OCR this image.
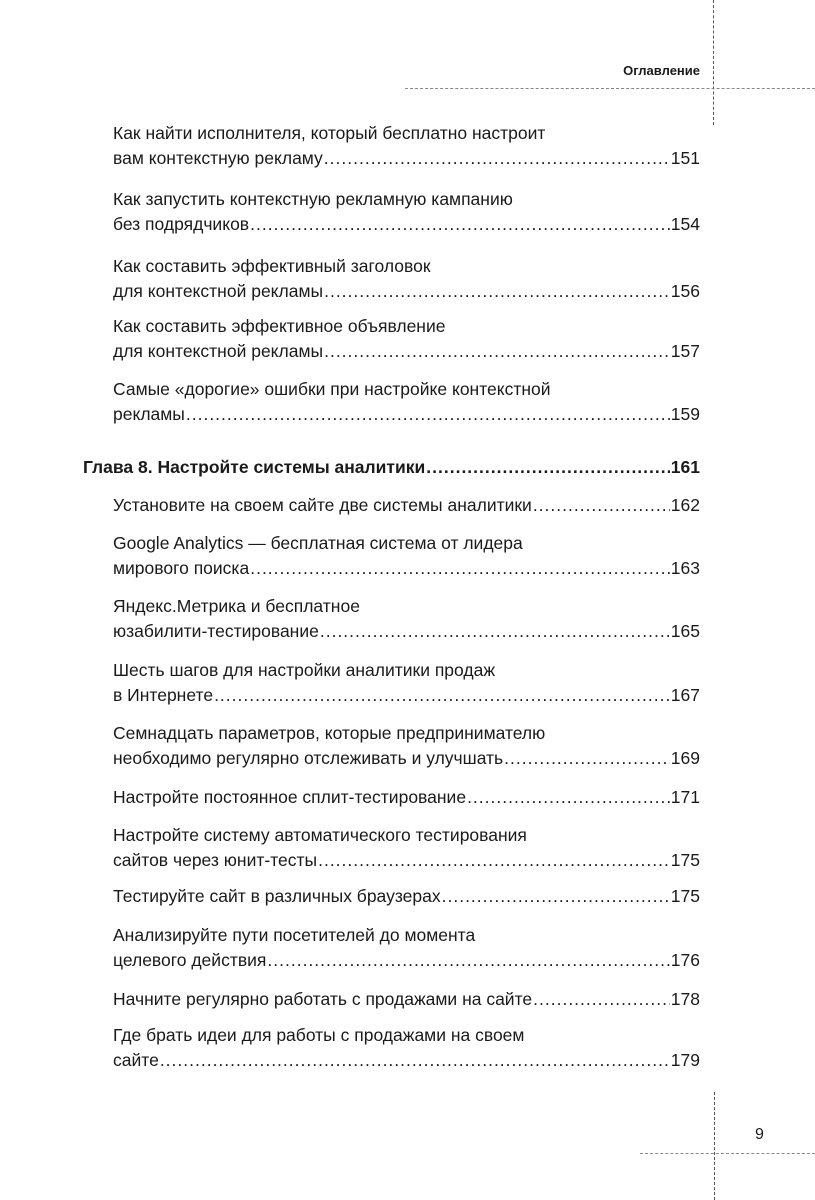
Оглавление
Как найти исполнителя, который бесплатно настроит
вам контекстную рекламу .....	151
Как запустить контекстную рекламную кампанию
без подрядчиков .....	154
Как составить эффективный заголовок
для контекстной рекламы .....	156
Как составить эффективное объявление
для контекстной рекламы .....	157
Самые «дорогие» ошибки при настройке контекстной
рекламы .....	159
Глава 8. Настройте системы аналитики .....	161
Установите на своем сайте две системы аналитики .....	162
Google Analytics — бесплатная система от лидера
мирового поиска .....	163
Яндекс.Метрика и бесплатное
юзабилити-тестирование .....	165
Шесть шагов для настройки аналитики продаж
в Интернете .....	167
Семнадцать параметров, которые предпринимателю
необходимо регулярно отслеживать и улучшать .....	169
Настройте постоянное сплит-тестирование .....	171
Настройте систему автоматического тестирования
сайтов через юнит-тесты .....	175
Тестируйте сайт в различных браузерах .....	175
Анализируйте пути посетителей до момента
целевого действия .....	176
Начните регулярно работать с продажами на сайте .....	178
Где брать идеи для работы с продажами на своем
сайте .....	179
9
